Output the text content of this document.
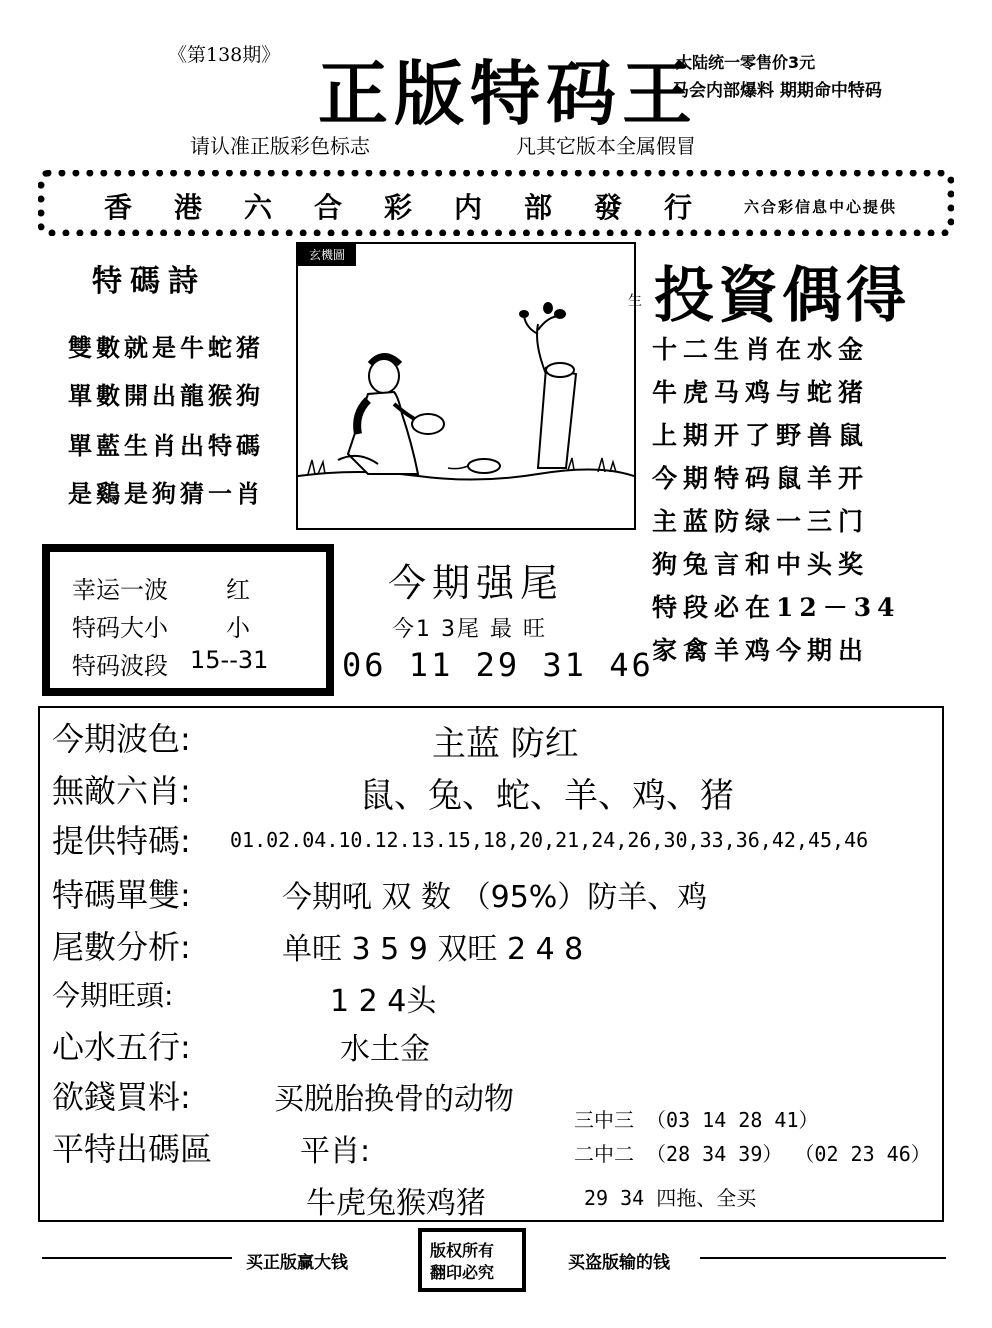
《第138期》 正版特码王
大陆统一零售价3元
马会内部爆料 期期命中特码
请认准正版彩色标志	凡其它版本全属假冒
香港六合彩内部發行 六合彩信息中心提供
特碼詩
雙數就是牛蛇猪
單數開出龍猴狗
單藍生肖出特碼
是鷄是狗猜一肖
玄機圖
生 投資偶得
十二生肖在水金
牛虎马鸡与蛇猪
上期开了野兽鼠
今期特码鼠羊开
主蓝防绿一三门
狗兔言和中头奖
特段必在12－34
家禽羊鸡今期出
幸运一波 红
特码大小 小
特码波段 15--31
今期强尾
今1 3尾 最 旺
06 11 29 31 46
今期波色:	主蓝 防红
無敵六肖:	鼠、兔、蛇、羊、鸡、猪
提供特碼: 01.02.04.10.12.13.15,18,20,21,24,26,30,33,36,42,45,46
特碼單雙:	今期吼 双 数 （95%）防羊、鸡
尾數分析:	单旺 3 5 9 双旺 2 4 8
今期旺頭:	1 2 4头
心水五行:	水土金
欲錢買料:	买脱胎换骨的动物
平特出碼區	平肖:
牛虎兔猴鸡猪
三中三 （03 14 28 41）
二中二 （28 34 39） （02 23 46）
29 34 四拖、全买
买正版赢大钱
版权所有
翻印必究	买盗版输的钱
